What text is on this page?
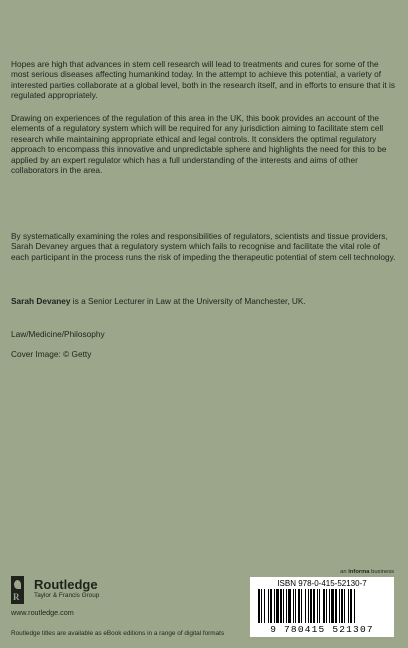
Hopes are high that advances in stem cell research will lead to treatments and cures for some of the most serious diseases affecting humankind today. In the attempt to achieve this potential, a variety of interested parties collaborate at a global level, both in the research itself, and in efforts to ensure that it is regulated appropriately.

Drawing on experiences of the regulation of this area in the UK, this book provides an account of the elements of a regulatory system which will be required for any jurisdiction aiming to facilitate stem cell research while maintaining appropriate ethical and legal controls. It considers the optimal regulatory approach to encompass this innovative and unpredictable sphere and highlights the need for this to be applied by an expert regulator which has a full understanding of the interests and aims of other collaborators in the area.

By systematically examining the roles and responsibilities of regulators, scientists and tissue providers, Sarah Devaney argues that a regulatory system which fails to recognise and facilitate the vital role of each participant in the process runs the risk of impeding the therapeutic potential of stem cell technology.

Sarah Devaney is a Senior Lecturer in Law at the University of Manchester, UK.

Law/Medicine/Philosophy
Cover Image: © Getty
R
Routledge
Taylor & Francis Group
www.routledge.com
Routledge titles are available as eBook editions in a range of digital formats
an informa business
ISBN 978-0-415-52130-7
9 780415 521307
